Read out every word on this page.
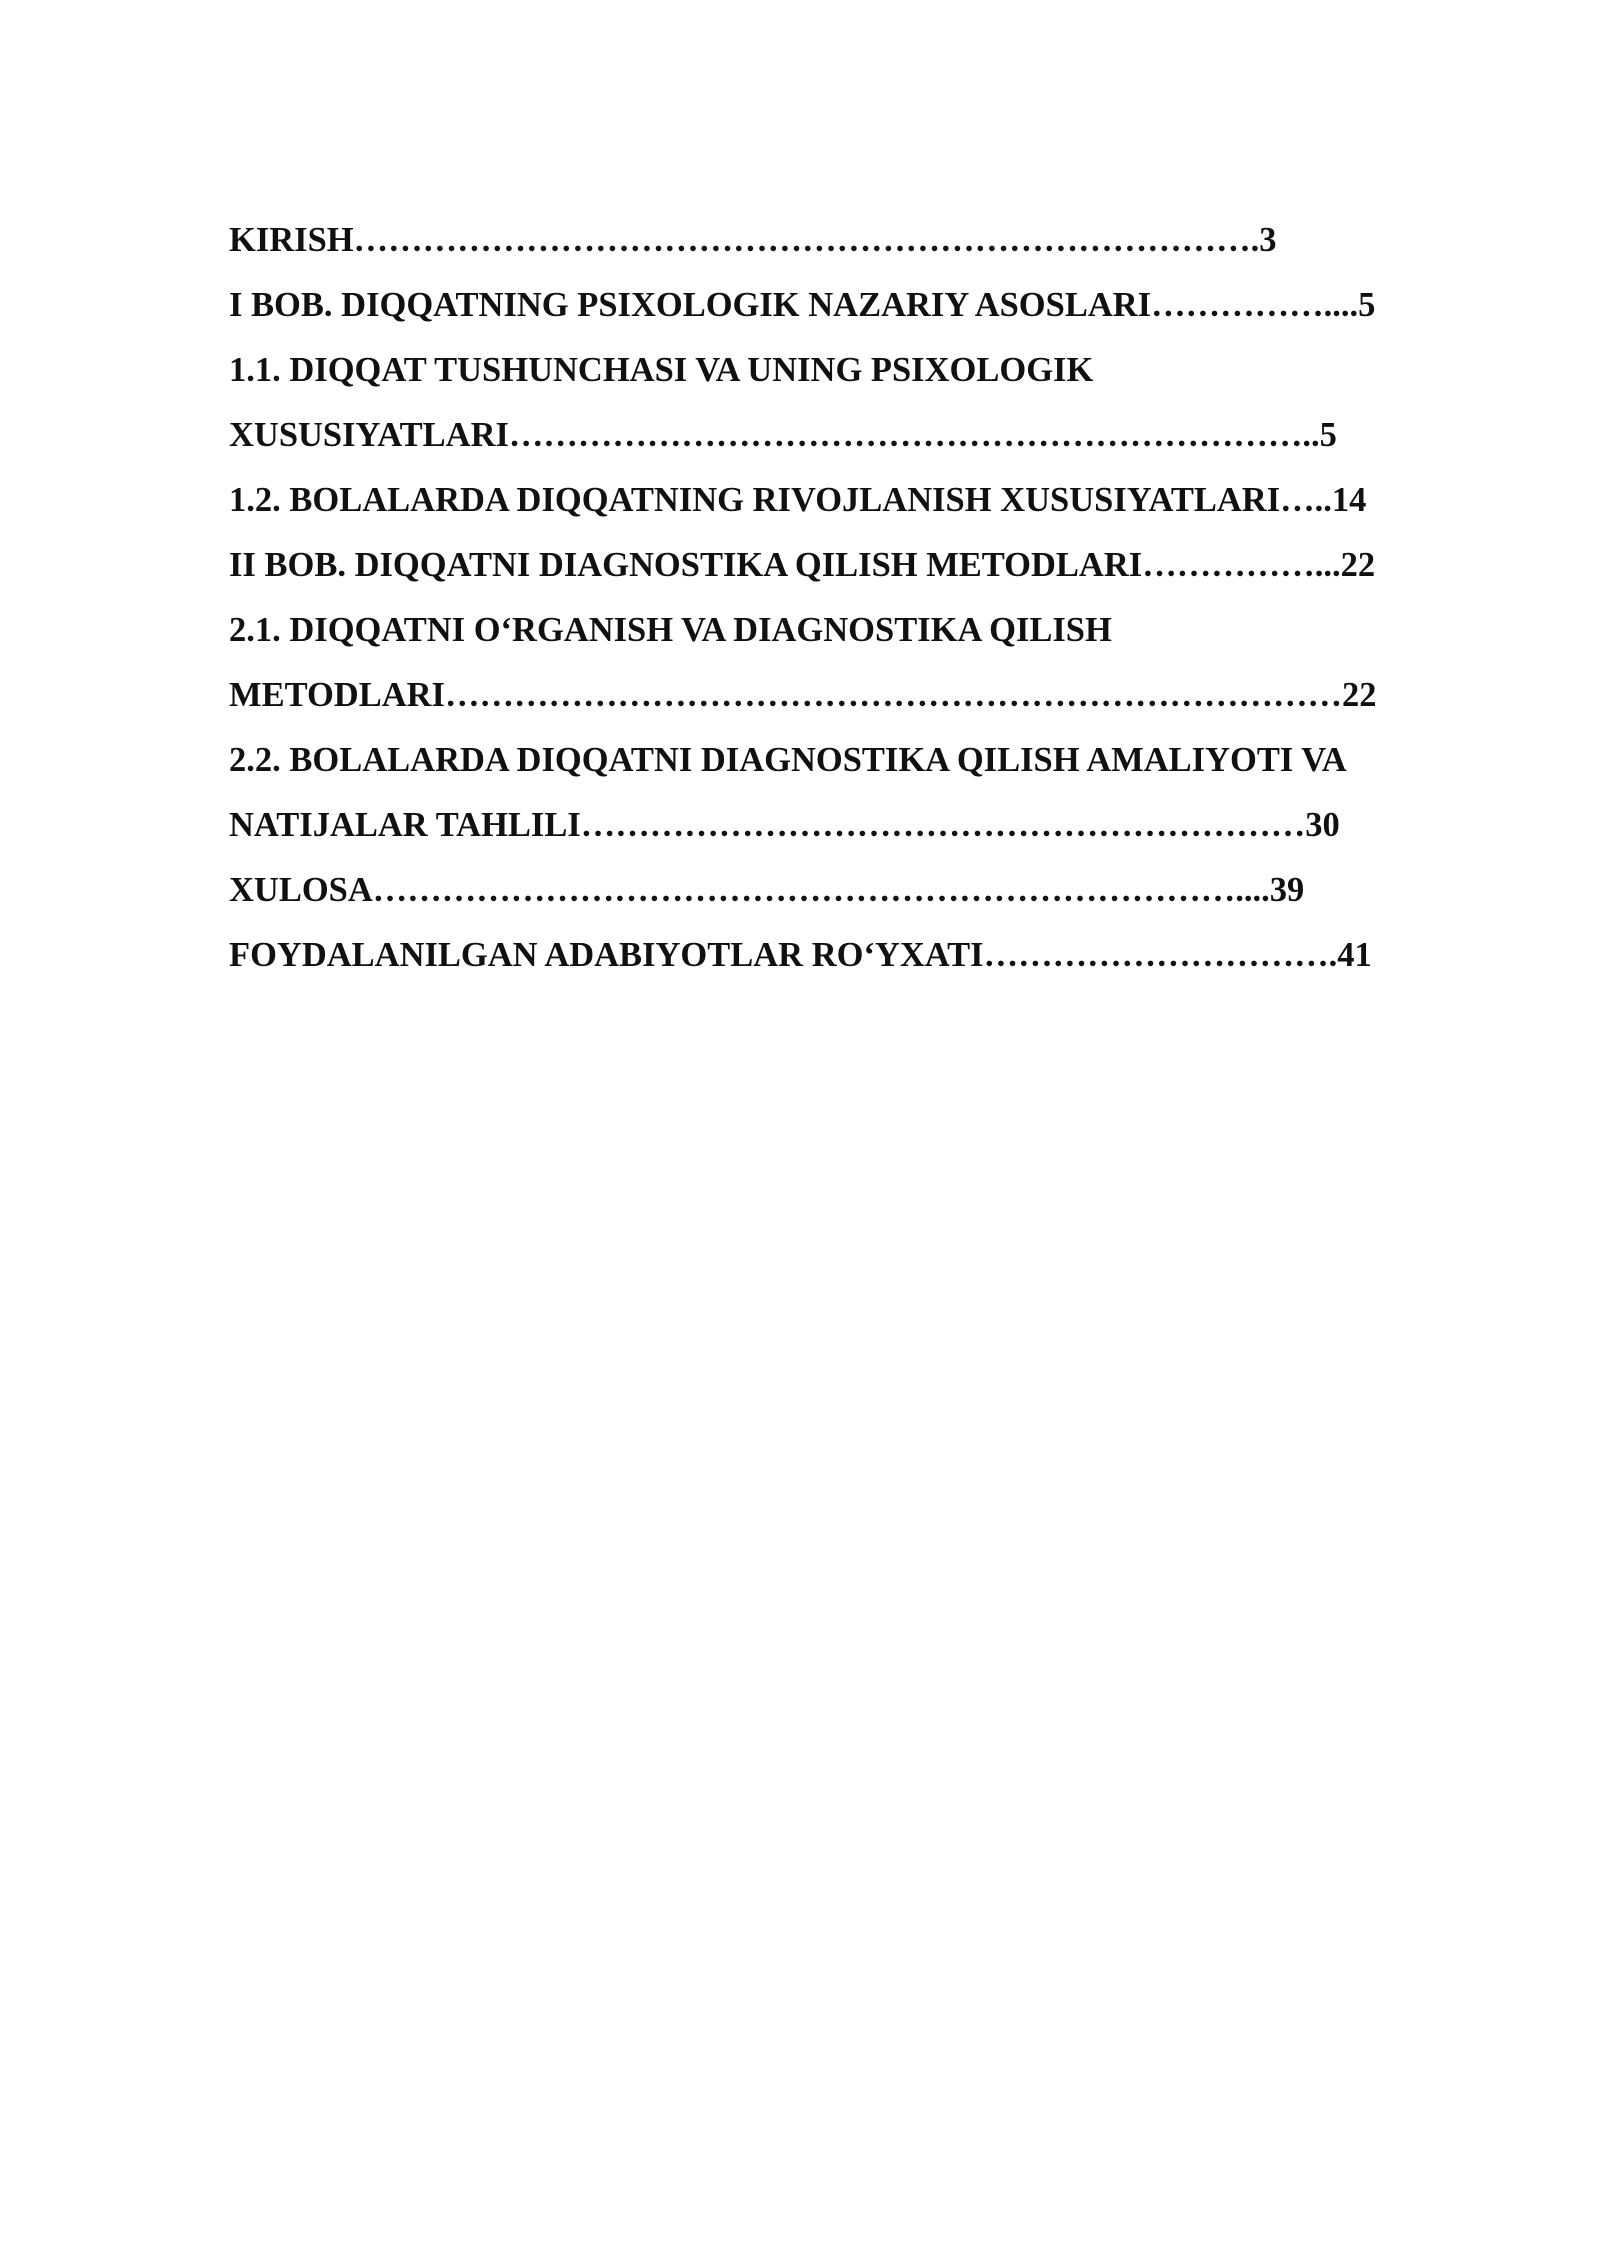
KIRISH…………………………………………………………………….3
I BOB. DIQQATNING PSIXOLOGIK NAZARIY ASOSLARI……………....5
1.1. DIQQAT TUSHUNCHASI VA UNING PSIXOLOGIK
XUSUSIYATLARI……………………………………………………………..5
1.2. BOLALARDA DIQQATNING RIVOJLANISH XUSUSIYATLARI…..14
II BOB. DIQQATNI DIAGNOSTIKA QILISH METODLARI……………...22
2.1. DIQQATNI O‘RGANISH VA DIAGNOSTIKA QILISH
METODLARI……………………………………………………………………22
2.2. BOLALARDA DIQQATNI DIAGNOSTIKA QILISH AMALIYOTI VA
NATIJALAR TAHLILI………………………………………………………30
XULOSA…………………………………………………………………....39
FOYDALANILGAN ADABIYOTLAR RO‘YXATI………………………….41
